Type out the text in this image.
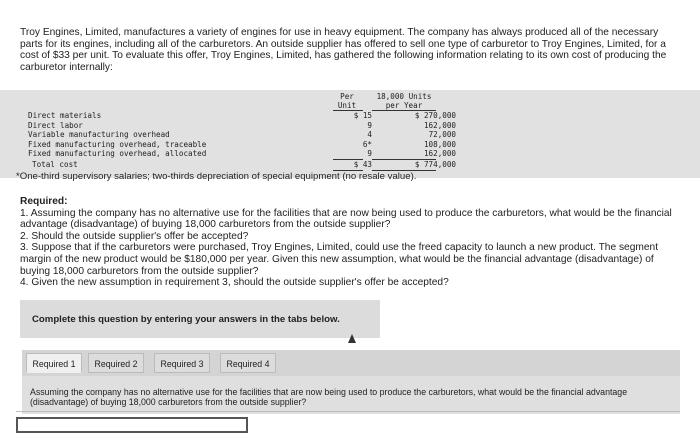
Troy Engines, Limited, manufactures a variety of engines for use in heavy equipment. The company has always produced all of the necessary parts for its engines, including all of the carburetors. An outside supplier has offered to sell one type of carburetor to Troy Engines, Limited, for a cost of $33 per unit. To evaluate this offer, Troy Engines, Limited, has gathered the following information relating to its own cost of producing the carburetor internally:
Per
Unit
18,000 Units
per Year
Direct materials	$ 15	$ 270,000
Direct labor	9	162,000
Variable manufacturing overhead	4	72,000
Fixed manufacturing overhead, traceable	6*	108,000
Fixed manufacturing overhead, allocated	9	162,000
Total cost	$ 43	$ 774,000
*One-third supervisory salaries; two-thirds depreciation of special equipment (no resale value).
Required:
1. Assuming the company has no alternative use for the facilities that are now being used to produce the carburetors, what would be the financial advantage (disadvantage) of buying 18,000 carburetors from the outside supplier?
2. Should the outside supplier's offer be accepted?
3. Suppose that if the carburetors were purchased, Troy Engines, Limited, could use the freed capacity to launch a new product. The segment margin of the new product would be $180,000 per year. Given this new assumption, what would be the financial advantage (disadvantage) of buying 18,000 carburetors from the outside supplier?
4. Given the new assumption in requirement 3, should the outside supplier's offer be accepted?
Complete this question by entering your answers in the tabs below.
Required 1	Required 2	Required 3	Required 4
Assuming the company has no alternative use for the facilities that are now being used to produce the carburetors, what would be the financial advantage (disadvantage) of buying 18,000 carburetors from the outside supplier?
